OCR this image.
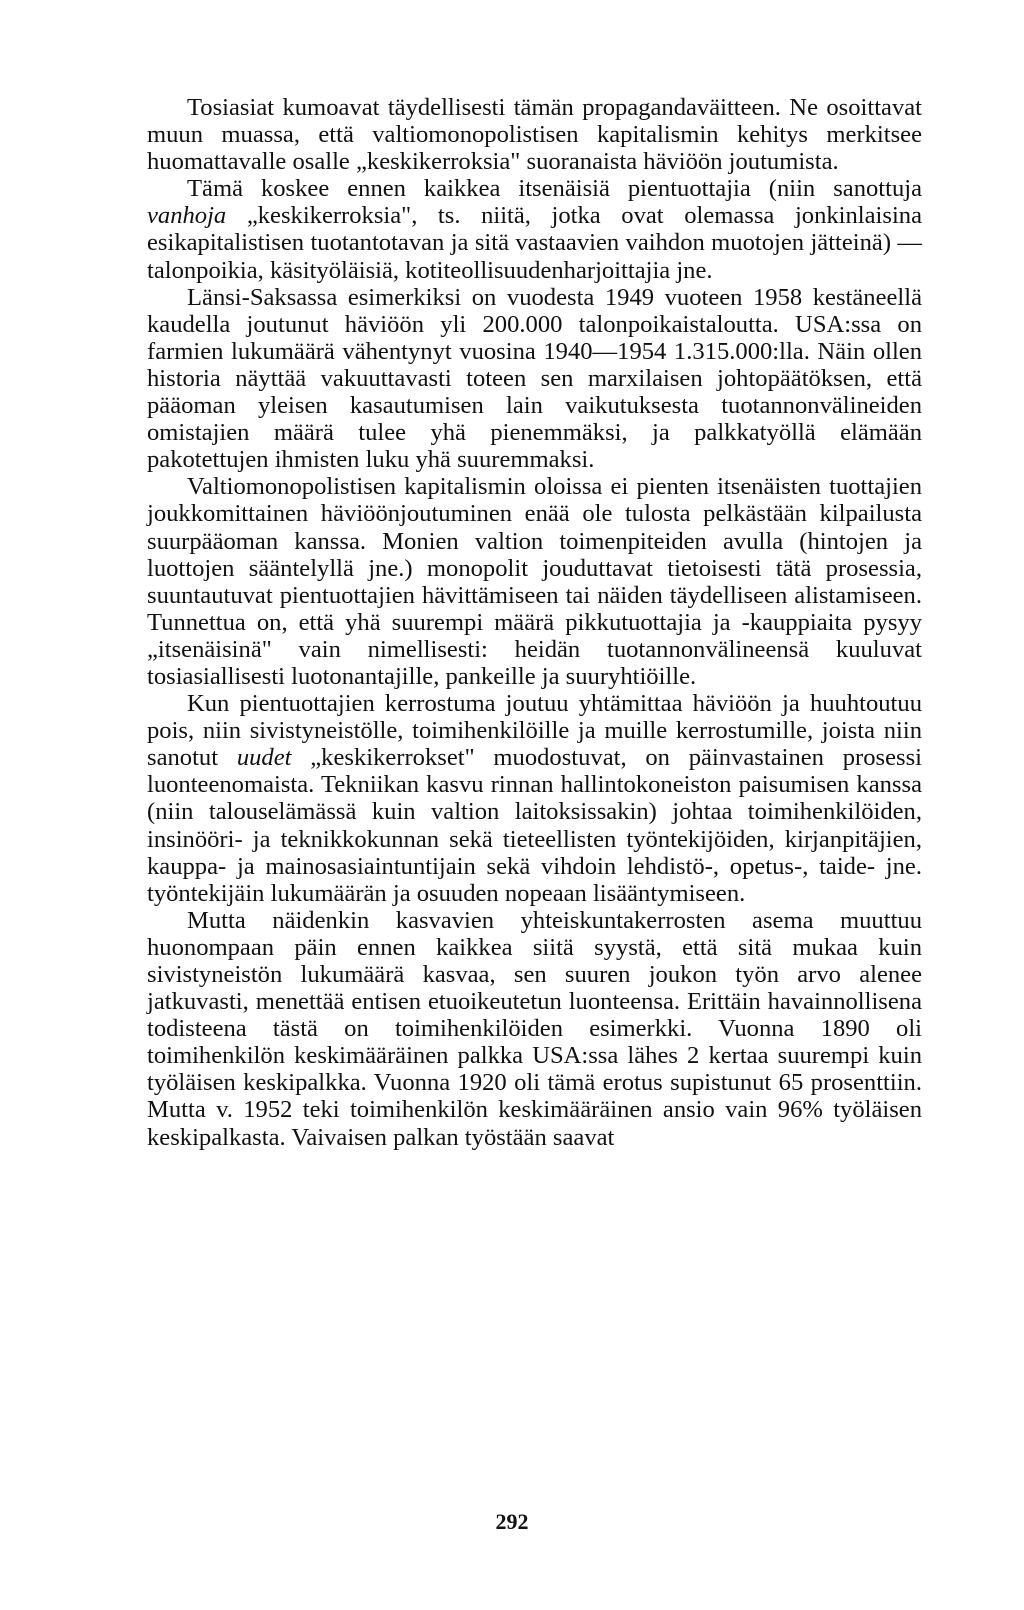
Tosiasiat kumoavat täydellisesti tämän propagandaväitteen. Ne osoittavat muun muassa, että valtiomonopolistisen kapitalismin kehitys merkitsee huomattavalle osalle „keskikerroksia" suoranaista häviöön joutumista.

Tämä koskee ennen kaikkea itsenäisiä pientuottajia (niin sanottuja vanhoja „keskikerroksia", ts. niitä, jotka ovat olemassa jonkinlaisina esikapitalistisen tuotantotavan ja sitä vastaavien vaihdon muotojen jätteinä) — talonpoikia, käsityöläisiä, kotiteollisuudenharjoittajia jne.

Länsi-Saksassa esimerkiksi on vuodesta 1949 vuoteen 1958 kestäneellä kaudella joutunut häviöön yli 200.000 talonpoikaistaloutta. USA:ssa on farmien lukumäärä vähentynyt vuosina 1940—1954 1.315.000:lla. Näin ollen historia näyttää vakuuttavasti toteen sen marxilaisen johtopäätöksen, että pääoman yleisen kasautumisen lain vaikutuksesta tuotannonvälineiden omistajien määrä tulee yhä pienemmäksi, ja palkkatyöllä elämään pakotettujen ihmisten luku yhä suuremmaksi.

Valtiomonopolistisen kapitalismin oloissa ei pienten itsenäisten tuottajien joukkomittainen häviöönjoutuminen enää ole tulosta pelkästään kilpailusta suurpääoman kanssa. Monien valtion toimenpiteiden avulla (hintojen ja luottojen sääntelyllä jne.) monopolit jouduttavat tietoisesti tätä prosessia, suuntautuvat pientuottajien hävittämiseen tai näiden täydelliseen alistamiseen. Tunnettua on, että yhä suurempi määrä pikkutuottajia ja -kauppiaita pysyy „itsenäisinä" vain nimellisesti: heidän tuotannonvälineensä kuuluvat tosiasiallisesti luotonantajille, pankeille ja suuryhtiöille.

Kun pientuottajien kerrostuma joutuu yhtämittaa häviöön ja huuhtoutuu pois, niin sivistyneistölle, toimihenkilöille ja muille kerrostumille, joista niin sanotut uudet „keskikerrokset" muodostuvat, on päinvastainen prosessi luonteenomaista. Tekniikan kasvu rinnan hallintokoneiston paisumisen kanssa (niin talouselämässä kuin valtion laitoksissakin) johtaa toimihenkilöiden, insinööri- ja teknikkokunnan sekä tieteellisten työntekijöiden, kirjanpitäjien, kauppa- ja mainosasiaintuntijain sekä vihdoin lehdistö-, opetus-, taide- jne. työntekijäin lukumäärän ja osuuden nopeaan lisääntymiseen.

Mutta näidenkin kasvavien yhteiskuntakerrosten asema muuttuu huonompaan päin ennen kaikkea siitä syystä, että sitä mukaa kuin sivistyneistön lukumäärä kasvaa, sen suuren joukon työn arvo alenee jatkuvasti, menettää entisen etuoikeutetun luonteensa. Erittäin havainnollisena todisteena tästä on toimihenkilöiden esimerkki. Vuonna 1890 oli toimihenkilön keskimääräinen palkka USA:ssa lähes 2 kertaa suurempi kuin työläisen keskipalkka. Vuonna 1920 oli tämä erotus supistunut 65 prosenttiin. Mutta v. 1952 teki toimihenkilön keskimääräinen ansio vain 96% työläisen keskipalkasta. Vaivaisen palkan työstään saavat

292
